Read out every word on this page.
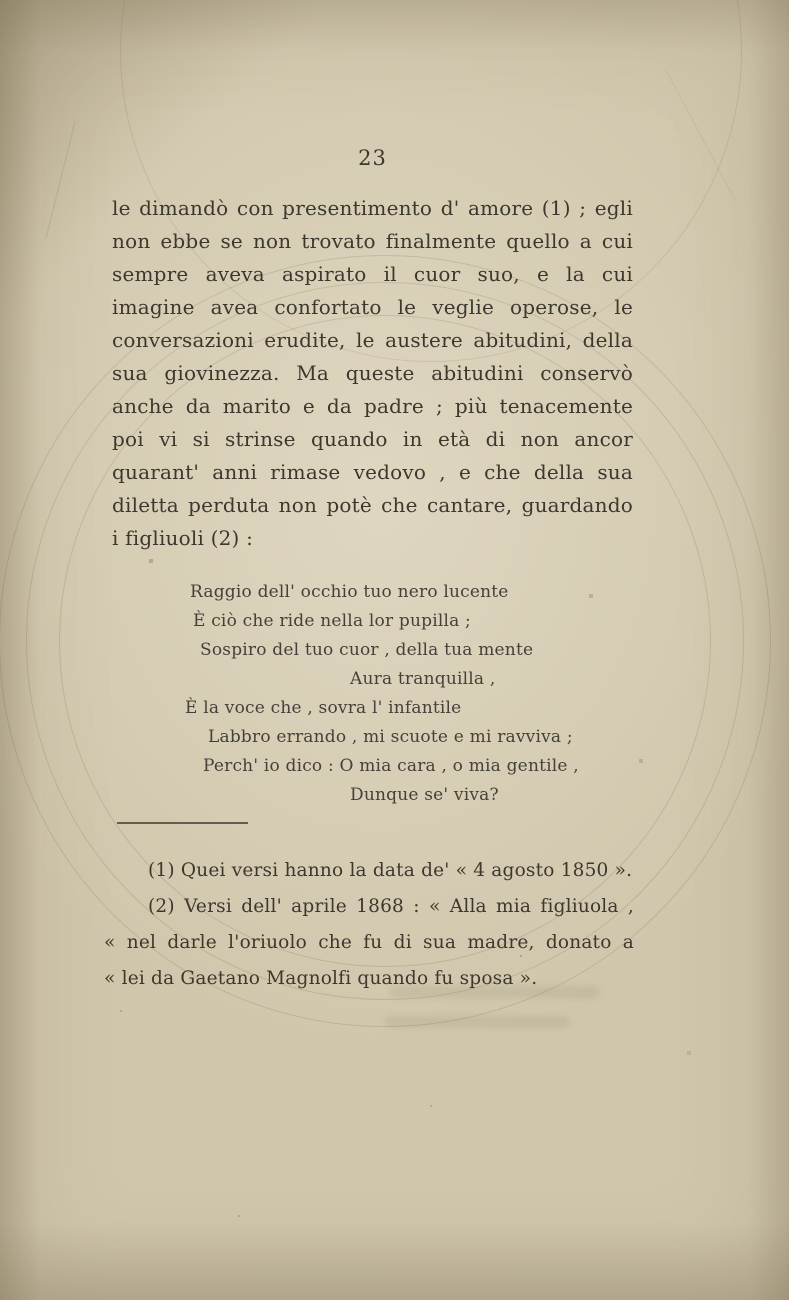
23
le dimandò con presentimento d' amore (1) ; egli
non ebbe se non trovato finalmente quello a cui
sempre aveva aspirato il cuor suo, e la cui
imagine avea confortato le veglie operose, le
conversazioni erudite, le austere abitudini, della
sua giovinezza. Ma queste abitudini conservò
anche da marito e da padre ; più tenacemente
poi vi si strinse quando in età di non ancor
quarant' anni rimase vedovo , e che della sua
diletta perduta non potè che cantare, guardando
i figliuoli (2) :
Raggio dell' occhio tuo nero lucente
È ciò che ride nella lor pupilla ;
Sospiro del tuo cuor , della tua mente
Aura tranquilla ,
È la voce che , sovra l' infantile
Labbro errando , mi scuote e mi ravviva ;
Perch' io dico : O mia cara , o mia gentile ,
Dunque se' viva?
(1) Quei versi hanno la data de' « 4 agosto 1850 ».
(2) Versi dell' aprile 1868 : « Alla mia figliuola ,
« nel darle l'oriuolo che fu di sua madre, donato a
« lei da Gaetano Magnolfi quando fu sposa ».
